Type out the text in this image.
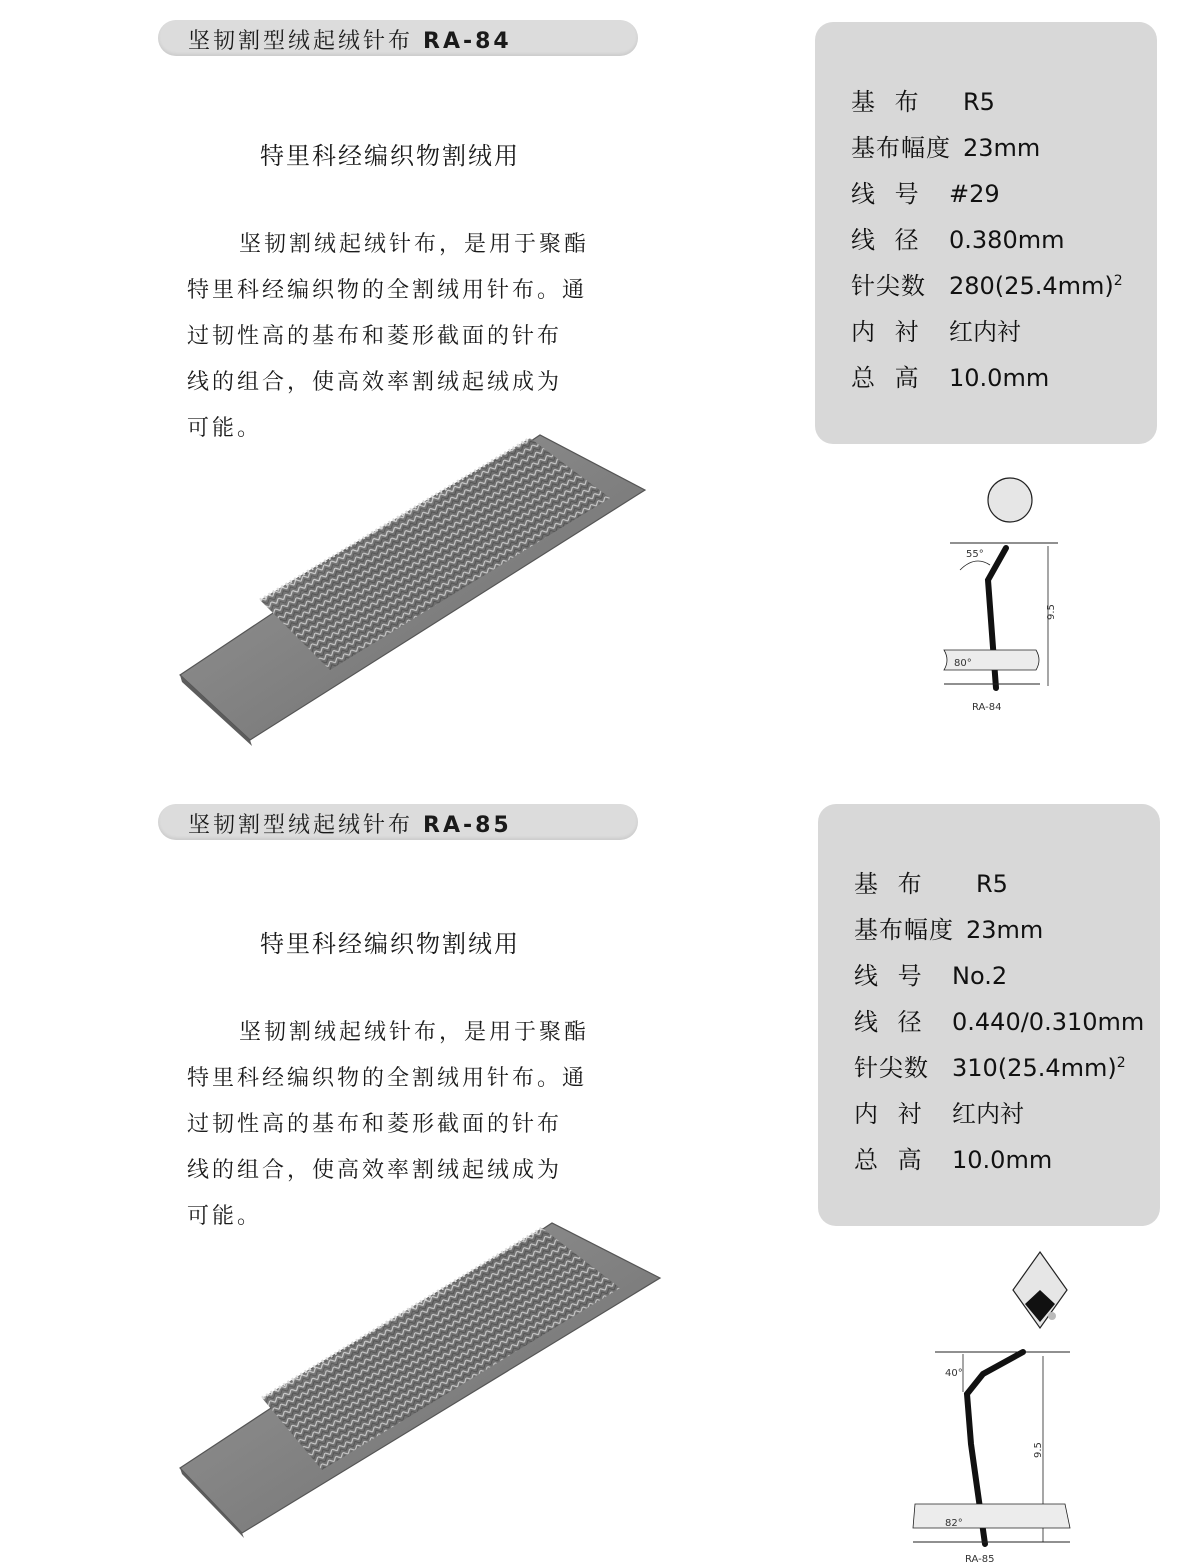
坚韧割型绒起绒针布 RA-84
特里科经编织物割绒用
坚韧割绒起绒针布，是用于聚酯
特里科经编织物的全割绒用针布。通
过韧性高的基布和菱形截面的针布
线的组合，使高效率割绒起绒成为
可能。
基 布 R5
基布幅度 23mm
线 号 #29
线 径 0.380mm
针尖数 $280(25.4mm)^2$
内 衬 红内衬
总 高 10.0mm
55°
9.5
80°
RA-84
坚韧割型绒起绒针布 RA-85
特里科经编织物割绒用
坚韧割绒起绒针布，是用于聚酯
特里科经编织物的全割绒用针布。通
过韧性高的基布和菱形截面的针布
线的组合，使高效率割绒起绒成为
可能。
基 布 R5
基布幅度 23mm
线 号 No.2
线 径 0.440/0.310mm
针尖数 $310(25.4mm)^2$
内 衬 红内衬
总 高 10.0mm
40°
9.5
82°
RA-85
